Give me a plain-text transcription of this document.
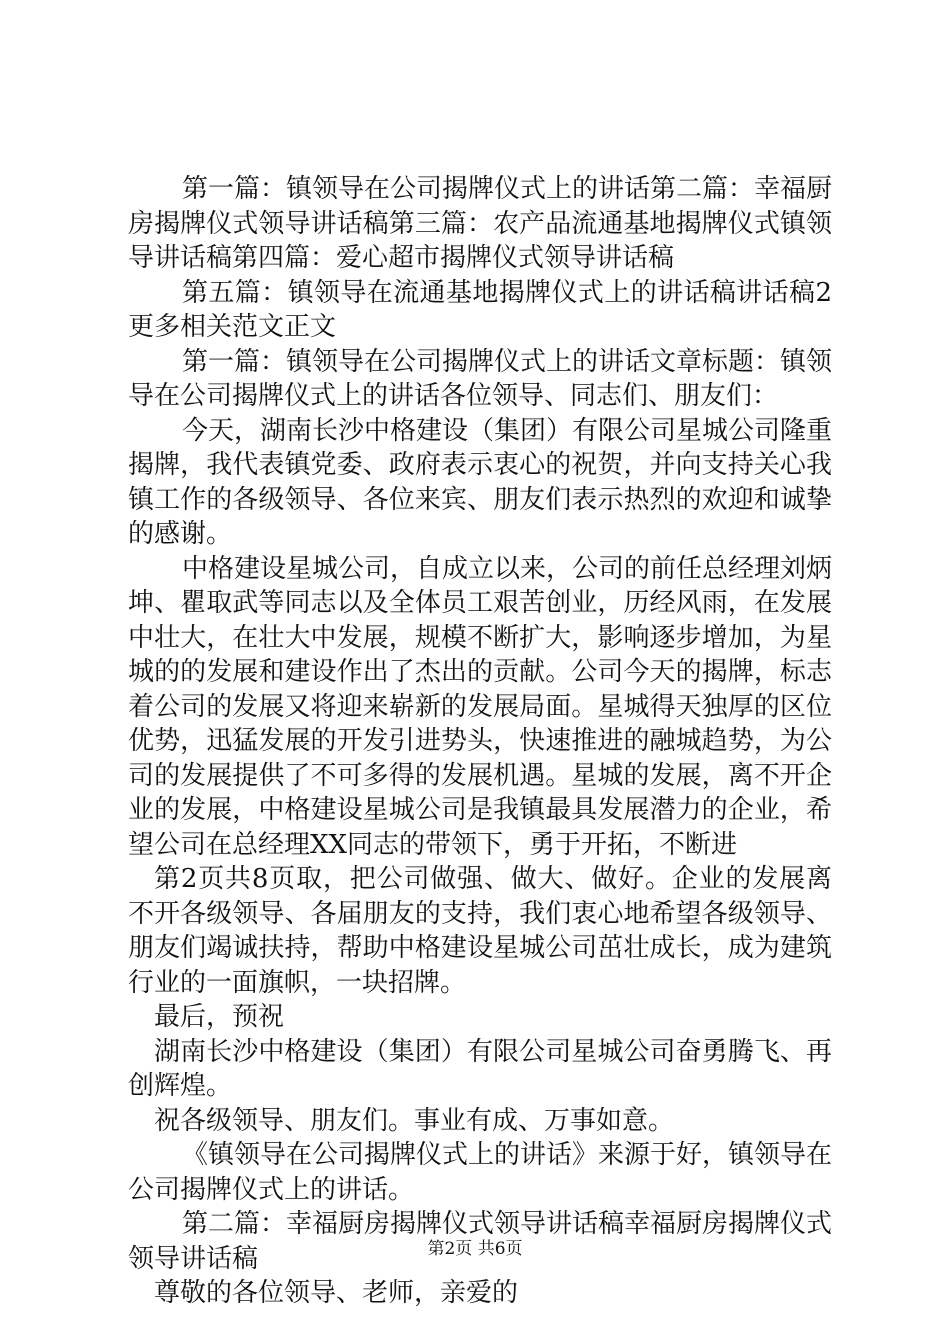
第一篇：镇领导在公司揭牌仪式上的讲话第二篇：幸福厨房揭牌仪式领导讲话稿第三篇：农产品流通基地揭牌仪式镇领导讲话稿第四篇：爱心超市揭牌仪式领导讲话稿

第五篇：镇领导在流通基地揭牌仪式上的讲话稿讲话稿2更多相关范文正文

第一篇：镇领导在公司揭牌仪式上的讲话文章标题：镇领导在公司揭牌仪式上的讲话各位领导、同志们、朋友们：

今天，湖南长沙中格建设（集团）有限公司星城公司隆重揭牌，我代表镇党委、政府表示衷心的祝贺，并向支持关心我镇工作的各级领导、各位来宾、朋友们表示热烈的欢迎和诚挚的感谢。

中格建设星城公司，自成立以来，公司的前任总经理刘炳坤、瞿取武等同志以及全体员工艰苦创业，历经风雨，在发展中壮大，在壮大中发展，规模不断扩大，影响逐步增加，为星城的的发展和建设作出了杰出的贡献。公司今天的揭牌，标志着公司的发展又将迎来崭新的发展局面。星城得天独厚的区位优势，迅猛发展的开发引进势头，快速推进的融城趋势，为公司的发展提供了不可多得的发展机遇。星城的发展，离不开企业的发展，中格建设星城公司是我镇最具发展潜力的企业，希望公司在总经理XX同志的带领下，勇于开拓，不断进

第2页共8页取，把公司做强、做大、做好。企业的发展离不开各级领导、各届朋友的支持，我们衷心地希望各级领导、朋友们竭诚扶持，帮助中格建设星城公司茁壮成长，成为建筑行业的一面旗帜，一块招牌。

最后，预祝

湖南长沙中格建设（集团）有限公司星城公司奋勇腾飞、再创辉煌。

祝各级领导、朋友们。事业有成、万事如意。

《镇领导在公司揭牌仪式上的讲话》来源于好，镇领导在公司揭牌仪式上的讲话。

第二篇：幸福厨房揭牌仪式领导讲话稿幸福厨房揭牌仪式领导讲话稿

尊敬的各位领导、老师，亲爱的

第2页 共6页
